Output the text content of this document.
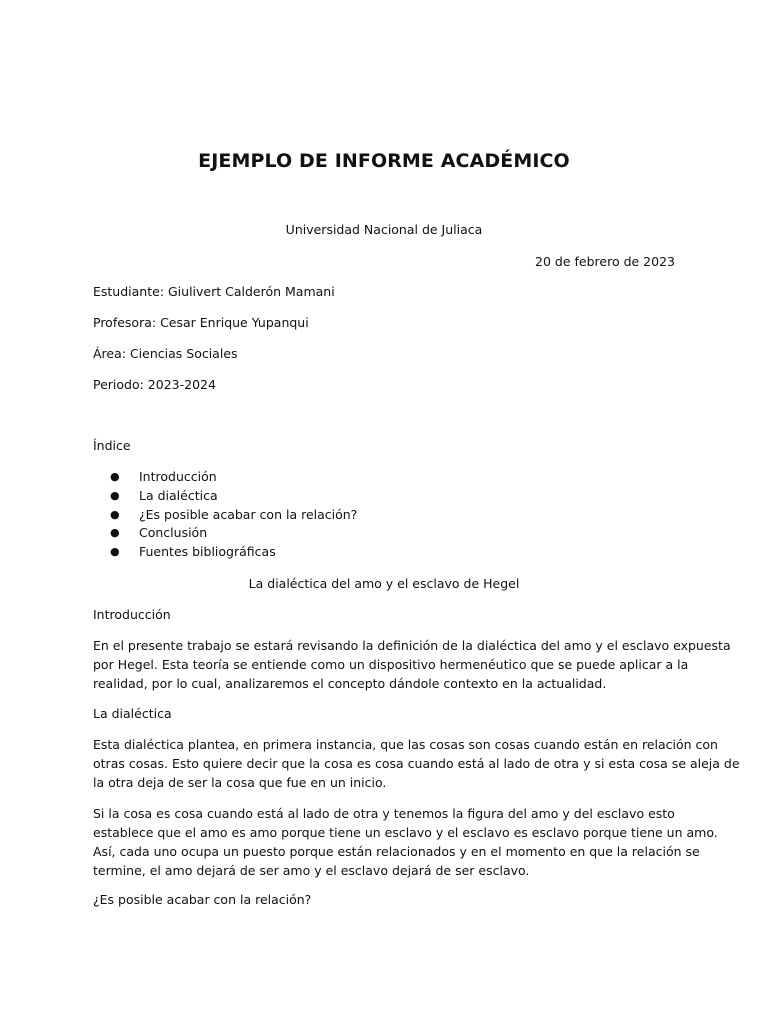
EJEMPLO DE INFORME ACADÉMICO
Universidad Nacional de Juliaca
20 de febrero de 2023
Estudiante: Giulivert Calderón Mamani
Profesora: Cesar Enrique Yupanqui
Área: Ciencias Sociales
Periodo: 2023-2024
Índice
● Introducción
● La dialéctica
● ¿Es posible acabar con la relación?
● Conclusión
● Fuentes bibliográficas
La dialéctica del amo y el esclavo de Hegel
Introducción

En el presente trabajo se estará revisando la definición de la dialéctica del amo y el esclavo expuesta
por Hegel. Esta teoría se entiende como un dispositivo hermenéutico que se puede aplicar a la
realidad, por lo cual, analizaremos el concepto dándole contexto en la actualidad.

La dialéctica

Esta dialéctica plantea, en primera instancia, que las cosas son cosas cuando están en relación con
otras cosas. Esto quiere decir que la cosa es cosa cuando está al lado de otra y si esta cosa se aleja de
la otra deja de ser la cosa que fue en un inicio.

Si la cosa es cosa cuando está al lado de otra y tenemos la figura del amo y del esclavo esto
establece que el amo es amo porque tiene un esclavo y el esclavo es esclavo porque tiene un amo.
Así, cada uno ocupa un puesto porque están relacionados y en el momento en que la relación se
termine, el amo dejará de ser amo y el esclavo dejará de ser esclavo.

¿Es posible acabar con la relación?
